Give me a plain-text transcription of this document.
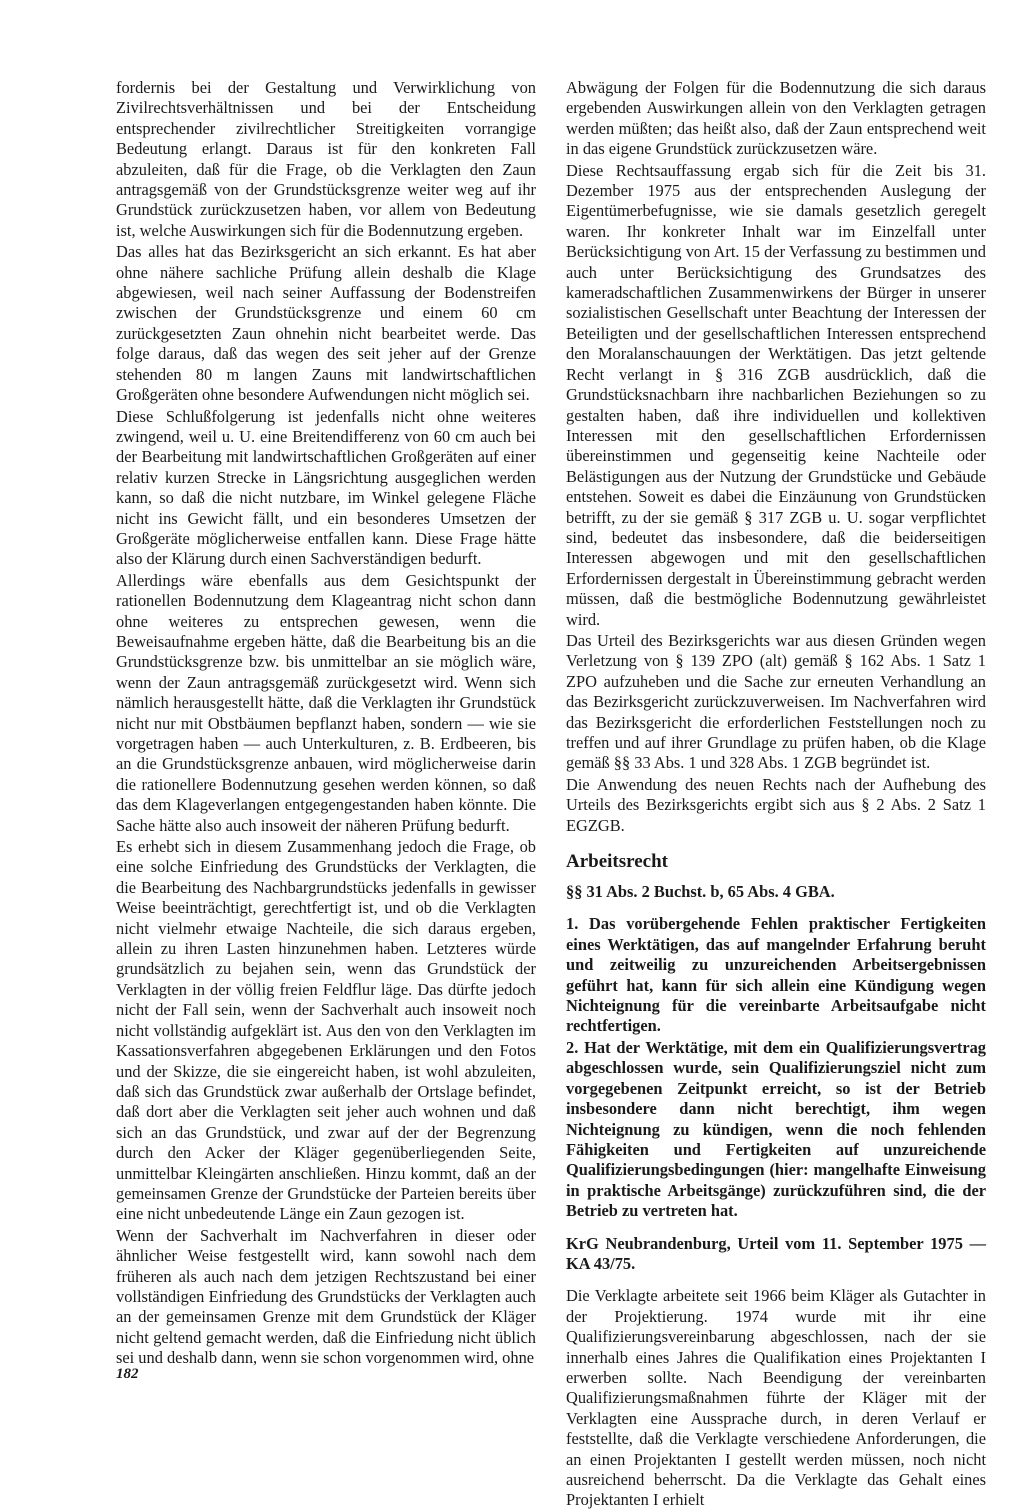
fordernis bei der Gestaltung und Verwirklichung von Zivilrechtsverhältnissen und bei der Entscheidung entsprechender zivilrechtlicher Streitigkeiten vorrangige Bedeutung erlangt. Daraus ist für den konkreten Fall abzuleiten, daß für die Frage, ob die Verklagten den Zaun antragsgemäß von der Grundstücksgrenze weiter weg auf ihr Grundstück zurückzusetzen haben, vor allem von Bedeutung ist, welche Auswirkungen sich für die Bodennutzung ergeben.

Das alles hat das Bezirksgericht an sich erkannt. Es hat aber ohne nähere sachliche Prüfung allein deshalb die Klage abgewiesen, weil nach seiner Auffassung der Bodenstreifen zwischen der Grundstücksgrenze und einem 60 cm zurückgesetzten Zaun ohnehin nicht bearbeitet werde. Das folge daraus, daß das wegen des seit jeher auf der Grenze stehenden 80 m langen Zauns mit landwirtschaftlichen Großgeräten ohne besondere Aufwendungen nicht möglich sei.

Diese Schlußfolgerung ist jedenfalls nicht ohne weiteres zwingend, weil u. U. eine Breitendifferenz von 60 cm auch bei der Bearbeitung mit landwirtschaftlichen Großgeräten auf einer relativ kurzen Strecke in Längsrichtung ausgeglichen werden kann, so daß die nicht nutzbare, im Winkel gelegene Fläche nicht ins Gewicht fällt, und ein besonderes Umsetzen der Großgeräte möglicherweise entfallen kann. Diese Frage hätte also der Klärung durch einen Sachverständigen bedurft.

Allerdings wäre ebenfalls aus dem Gesichtspunkt der rationellen Bodennutzung dem Klageantrag nicht schon dann ohne weiteres zu entsprechen gewesen, wenn die Beweisaufnahme ergeben hätte, daß die Bearbeitung bis an die Grundstücksgrenze bzw. bis unmittelbar an sie möglich wäre, wenn der Zaun antragsgemäß zurückgesetzt wird. Wenn sich nämlich herausgestellt hätte, daß die Verklagten ihr Grundstück nicht nur mit Obstbäumen bepflanzt haben, sondern — wie sie vorgetragen haben — auch Unterkulturen, z. B. Erdbeeren, bis an die Grundstücksgrenze anbauen, wird möglicherweise darin die rationellere Bodennutzung gesehen werden können, so daß das dem Klageverlangen entgegengestanden haben könnte. Die Sache hätte also auch insoweit der näheren Prüfung bedurft.

Es erhebt sich in diesem Zusammenhang jedoch die Frage, ob eine solche Einfriedung des Grundstücks der Verklagten, die die Bearbeitung des Nachbargrundstücks jedenfalls in gewisser Weise beeinträchtigt, gerechtfertigt ist, und ob die Verklagten nicht vielmehr etwaige Nachteile, die sich daraus ergeben, allein zu ihren Lasten hinzunehmen haben. Letzteres würde grundsätzlich zu bejahen sein, wenn das Grundstück der Verklagten in der völlig freien Feldflur läge. Das dürfte jedoch nicht der Fall sein, wenn der Sachverhalt auch insoweit noch nicht vollständig aufgeklärt ist. Aus den von den Verklagten im Kassationsverfahren abgegebenen Erklärungen und den Fotos und der Skizze, die sie eingereicht haben, ist wohl abzuleiten, daß sich das Grundstück zwar außerhalb der Ortslage befindet, daß dort aber die Verklagten seit jeher auch wohnen und daß sich an das Grundstück, und zwar auf der der Begrenzung durch den Acker der Kläger gegenüberliegenden Seite, unmittelbar Kleingärten anschließen. Hinzu kommt, daß an der gemeinsamen Grenze der Grundstücke der Parteien bereits über eine nicht unbedeutende Länge ein Zaun gezogen ist.

Wenn der Sachverhalt im Nachverfahren in dieser oder ähnlicher Weise festgestellt wird, kann sowohl nach dem früheren als auch nach dem jetzigen Rechtszustand bei einer vollständigen Einfriedung des Grundstücks der Verklagten auch an der gemeinsamen Grenze mit dem Grundstück der Kläger nicht geltend gemacht werden, daß die Einfriedung nicht üblich sei und deshalb dann, wenn sie schon vorgenommen wird, ohne

Abwägung der Folgen für die Bodennutzung die sich daraus ergebenden Auswirkungen allein von den Verklagten getragen werden müßten; das heißt also, daß der Zaun entsprechend weit in das eigene Grundstück zurückzusetzen wäre.

Diese Rechtsauffassung ergab sich für die Zeit bis 31. Dezember 1975 aus der entsprechenden Auslegung der Eigentümerbefugnisse, wie sie damals gesetzlich geregelt waren. Ihr konkreter Inhalt war im Einzelfall unter Berücksichtigung von Art. 15 der Verfassung zu bestimmen und auch unter Berücksichtigung des Grundsatzes des kameradschaftlichen Zusammenwirkens der Bürger in unserer sozialistischen Gesellschaft unter Beachtung der Interessen der Beteiligten und der gesellschaftlichen Interessen entsprechend den Moralanschauungen der Werktätigen. Das jetzt geltende Recht verlangt in § 316 ZGB ausdrücklich, daß die Grundstücksnachbarn ihre nachbarlichen Beziehungen so zu gestalten haben, daß ihre individuellen und kollektiven Interessen mit den gesellschaftlichen Erfordernissen übereinstimmen und gegenseitig keine Nachteile oder Belästigungen aus der Nutzung der Grundstücke und Gebäude entstehen. Soweit es dabei die Einzäunung von Grundstücken betrifft, zu der sie gemäß § 317 ZGB u. U. sogar verpflichtet sind, bedeutet das insbesondere, daß die beiderseitigen Interessen abgewogen und mit den gesellschaftlichen Erfordernissen dergestalt in Übereinstimmung gebracht werden müssen, daß die bestmögliche Bodennutzung gewährleistet wird.

Das Urteil des Bezirksgerichts war aus diesen Gründen wegen Verletzung von § 139 ZPO (alt) gemäß § 162 Abs. 1 Satz 1 ZPO aufzuheben und die Sache zur erneuten Verhandlung an das Bezirksgericht zurückzuverweisen. Im Nachverfahren wird das Bezirksgericht die erforderlichen Feststellungen noch zu treffen und auf ihrer Grundlage zu prüfen haben, ob die Klage gemäß §§ 33 Abs. 1 und 328 Abs. 1 ZGB begründet ist.

Die Anwendung des neuen Rechts nach der Aufhebung des Urteils des Bezirksgerichts ergibt sich aus § 2 Abs. 2 Satz 1 EGZGB.

Arbeitsrecht

§§ 31 Abs. 2 Buchst. b, 65 Abs. 4 GBA.

1. Das vorübergehende Fehlen praktischer Fertigkeiten eines Werktätigen, das auf mangelnder Erfahrung beruht und zeitweilig zu unzureichenden Arbeitsergebnissen geführt hat, kann für sich allein eine Kündigung wegen Nichteignung für die vereinbarte Arbeitsaufgabe nicht rechtfertigen.

2. Hat der Werktätige, mit dem ein Qualifizierungsvertrag abgeschlossen wurde, sein Qualifizierungsziel nicht zum vorgegebenen Zeitpunkt erreicht, so ist der Betrieb insbesondere dann nicht berechtigt, ihm wegen Nichteignung zu kündigen, wenn die noch fehlenden Fähigkeiten und Fertigkeiten auf unzureichende Qualifizierungsbedingungen (hier: mangelhafte Einweisung in praktische Arbeitsgänge) zurückzuführen sind, die der Betrieb zu vertreten hat.

KrG Neubrandenburg, Urteil vom 11. September 1975 — KA 43/75.

Die Verklagte arbeitete seit 1966 beim Kläger als Gutachter in der Projektierung. 1974 wurde mit ihr eine Qualifizierungsvereinbarung abgeschlossen, nach der sie innerhalb eines Jahres die Qualifikation eines Projektanten I erwerben sollte. Nach Beendigung der vereinbarten Qualifizierungsmaßnahmen führte der Kläger mit der Verklagten eine Aussprache durch, in deren Verlauf er feststellte, daß die Verklagte verschiedene Anforderungen, die an einen Projektanten I gestellt werden müssen, noch nicht ausreichend beherrscht. Da die Verklagte das Gehalt eines Projektanten I erhielt

182
